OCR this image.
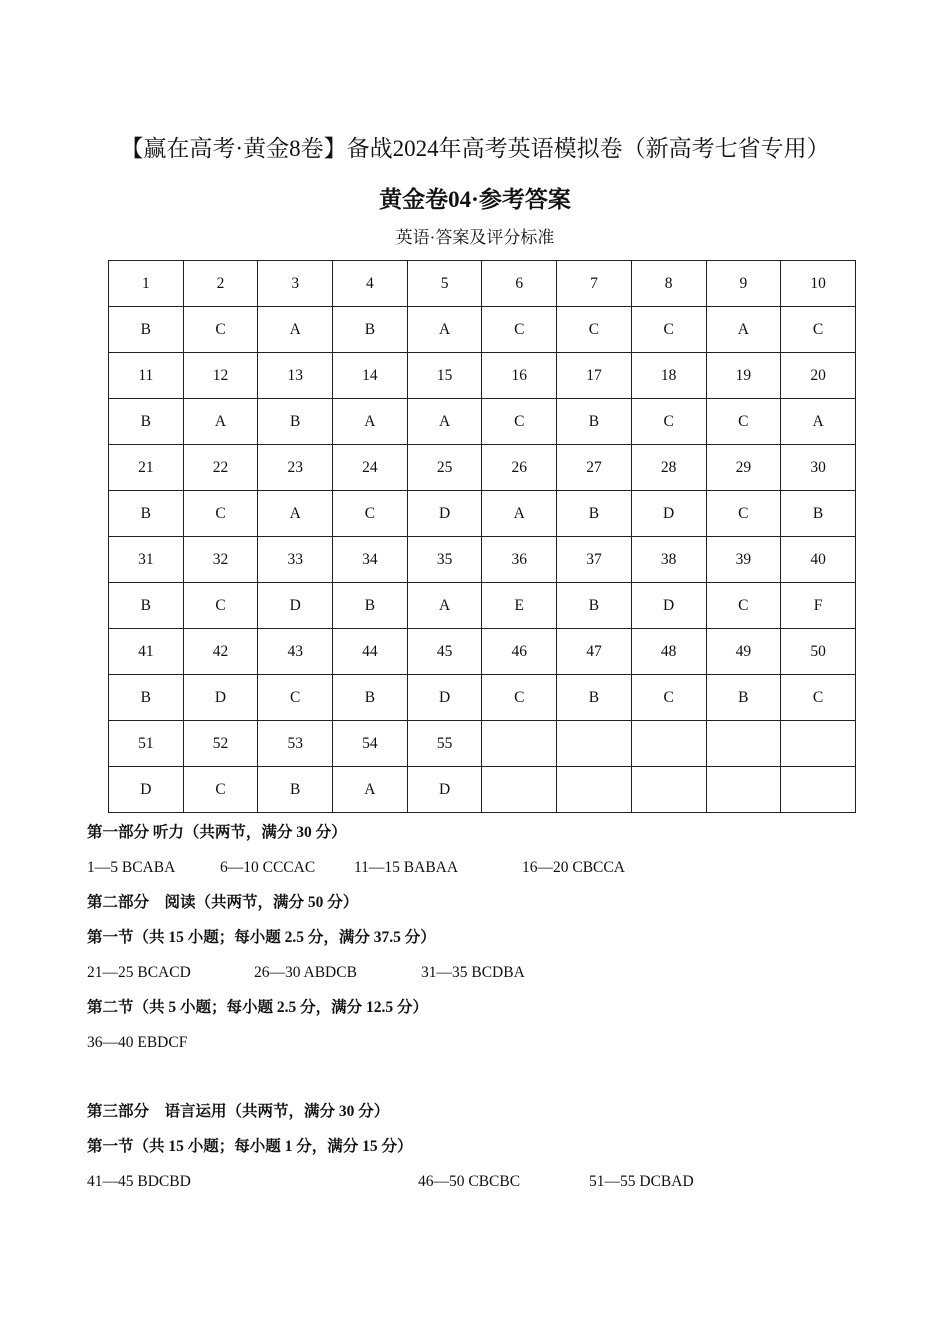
【赢在高考·黄金8卷】备战2024年高考英语模拟卷（新高考七省专用）
黄金卷04·参考答案
英语·答案及评分标准
1	2	3	4	5	6	7	8	9	10
B	C	A	B	A	C	C	C	A	C
11	12	13	14	15	16	17	18	19	20
B	A	B	A	A	C	B	C	C	A
21	22	23	24	25	26	27	28	29	30
B	C	A	C	D	A	B	D	C	B
31	32	33	34	35	36	37	38	39	40
B	C	D	B	A	E	B	D	C	F
41	42	43	44	45	46	47	48	49	50
B	D	C	B	D	C	B	C	B	C
51	52	53	54	55					
D	C	B	A	D					
第一部分 听力（共两节，满分 30 分）
1—5 BCABA	6—10 CCCAC	11—15 BABAA	16—20 CBCCA
第二部分　阅读（共两节，满分 50 分）
第一节（共 15 小题；每小题 2.5 分，满分 37.5 分）
21—25 BCACD	26—30 ABDCB	31—35 BCDBA
第二节（共 5 小题；每小题 2.5 分，满分 12.5 分）
36—40 EBDCF
第三部分　语言运用（共两节，满分 30 分）
第一节（共 15 小题；每小题 1 分，满分 15 分）
41—45 BDCBD	46—50 CBCBC	51—55 DCBAD
